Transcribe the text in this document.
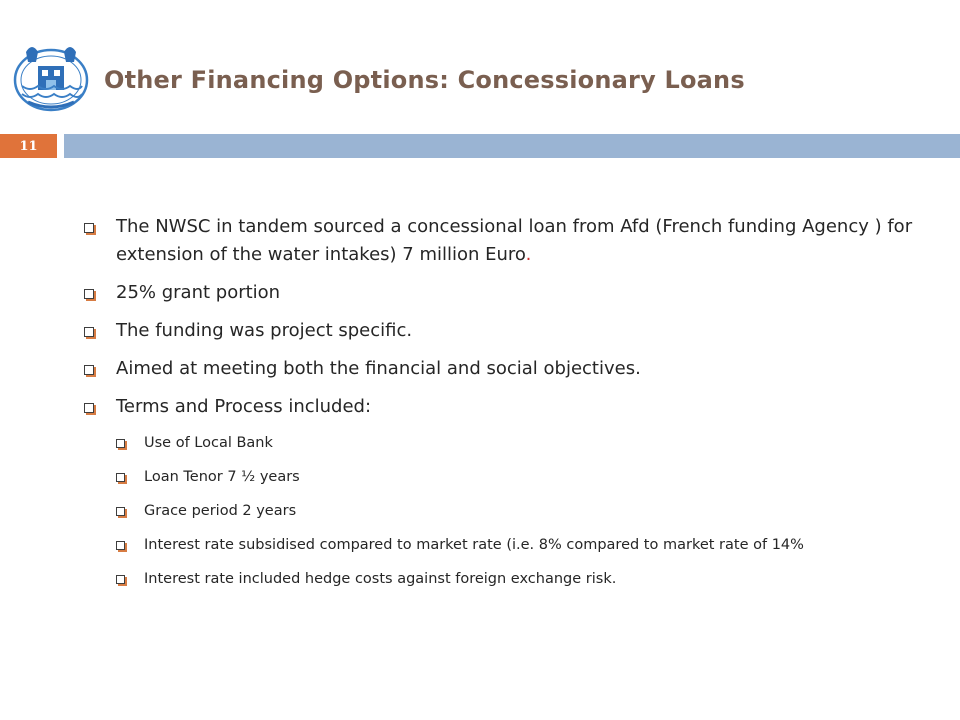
Other Financing Options: Concessionary Loans
11
The NWSC in tandem sourced a concessional loan from Afd (French funding Agency ) for extension of the water intakes) 7 million Euro.
25% grant portion
The funding was project specific.
Aimed at meeting both the financial and social objectives.
Terms and Process included:
Use of Local Bank
Loan Tenor 7 ½ years
Grace period 2 years
Interest rate subsidised compared to market rate (i.e. 8% compared to market rate of 14%
Interest rate included hedge costs against foreign exchange risk.
